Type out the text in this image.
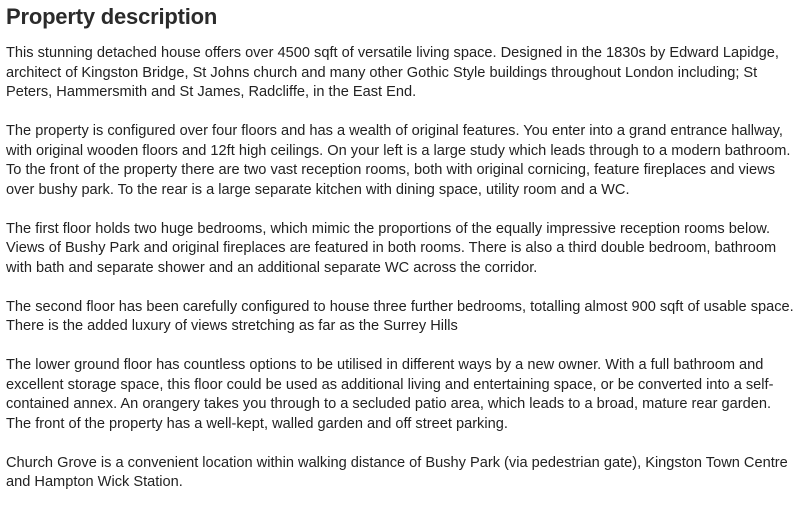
Property description

This stunning detached house offers over 4500 sqft of versatile living space. Designed in the 1830s by Edward Lapidge, architect of Kingston Bridge, St Johns church and many other Gothic Style buildings throughout London including; St Peters, Hammersmith and St James, Radcliffe, in the East End.

The property is configured over four floors and has a wealth of original features. You enter into a grand entrance hallway, with original wooden floors and 12ft high ceilings. On your left is a large study which leads through to a modern bathroom. To the front of the property there are two vast reception rooms, both with original cornicing, feature fireplaces and views over bushy park. To the rear is a large separate kitchen with dining space, utility room and a WC.

The first floor holds two huge bedrooms, which mimic the proportions of the equally impressive reception rooms below. Views of Bushy Park and original fireplaces are featured in both rooms. There is also a third double bedroom, bathroom with bath and separate shower and an additional separate WC across the corridor.

The second floor has been carefully configured to house three further bedrooms, totalling almost 900 sqft of usable space. There is the added luxury of views stretching as far as the Surrey Hills

The lower ground floor has countless options to be utilised in different ways by a new owner. With a full bathroom and excellent storage space, this floor could be used as additional living and entertaining space, or be converted into a self-contained annex. An orangery takes you through to a secluded patio area, which leads to a broad, mature rear garden. The front of the property has a well-kept, walled garden and off street parking.

Church Grove is a convenient location within walking distance of Bushy Park (via pedestrian gate), Kingston Town Centre and Hampton Wick Station.
